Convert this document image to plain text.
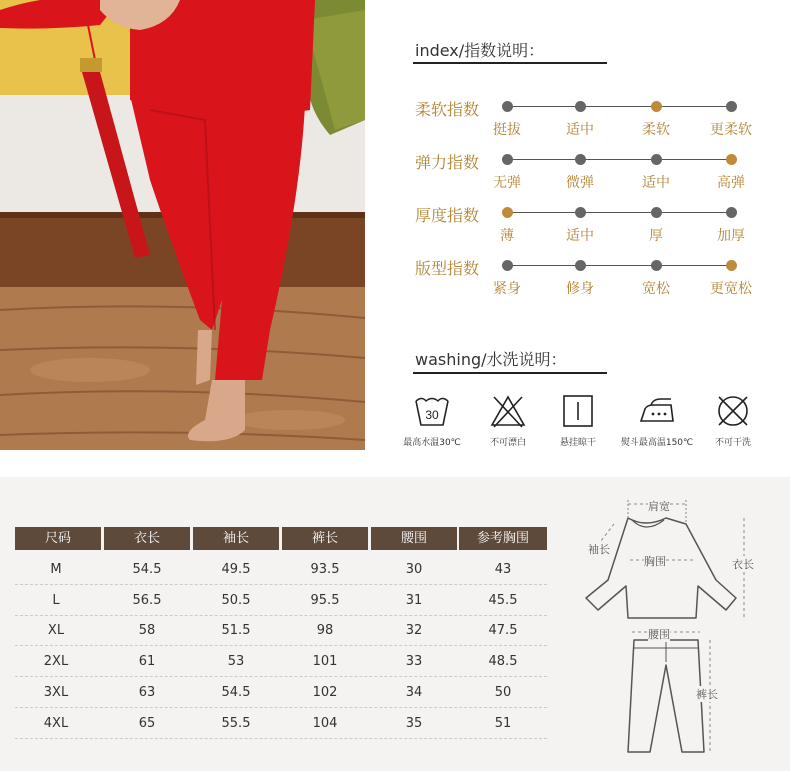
index/指数说明：
柔软指数
挺拔	适中	柔软	更柔软
弹力指数
无弹	微弹	适中	高弹
厚度指数
薄	适中	厚	加厚
版型指数
紧身	修身	宽松	更宽松
washing/水洗说明：
30
最高水温30℃	不可漂白	悬挂晾干	熨斗最高温150℃	不可干洗
尺码	衣长	袖长	裤长	腰围	参考胸围
M	54.5	49.5	93.5	30	43
L	56.5	50.5	95.5	31	45.5
XL	58	51.5	98	32	47.5
2XL	61	53	101	33	48.5
3XL	63	54.5	102	34	50
4XL	65	55.5	104	35	51
肩宽
袖长
胸围	衣长
腰围
裤长
